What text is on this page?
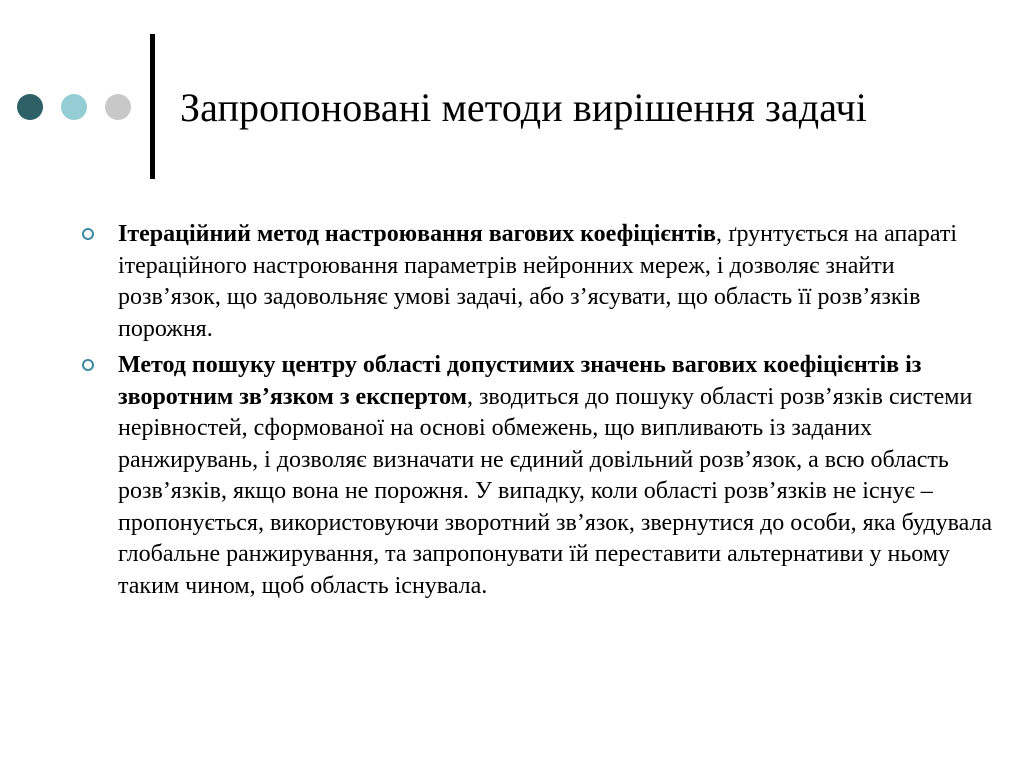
Запропоновані методи вирішення задачі
Ітераційний метод настроювання вагових коефіцієнтів, ґрунтується на апараті ітераційного настроювання параметрів нейронних мереж, і дозволяє знайти розв’язок, що задовольняє умові задачі, або з’ясувати, що область її розв’язків порожня.
Метод пошуку центру області допустимих значень вагових коефіцієнтів із зворотним зв’язком з експертом, зводиться до пошуку області розв’язків системи нерівностей, сформованої на основі обмежень, що випливають із заданих ранжирувань, і дозволяє визначати не єдиний довільний розв’язок, а всю область розв’язків, якщо вона не порожня. У випадку, коли області розв’язків не існує – пропонується, використовуючи зворотний зв’язок, звернутися до особи, яка будувала глобальне ранжирування, та запропонувати їй переставити альтернативи у ньому таким чином, щоб область існувала.
